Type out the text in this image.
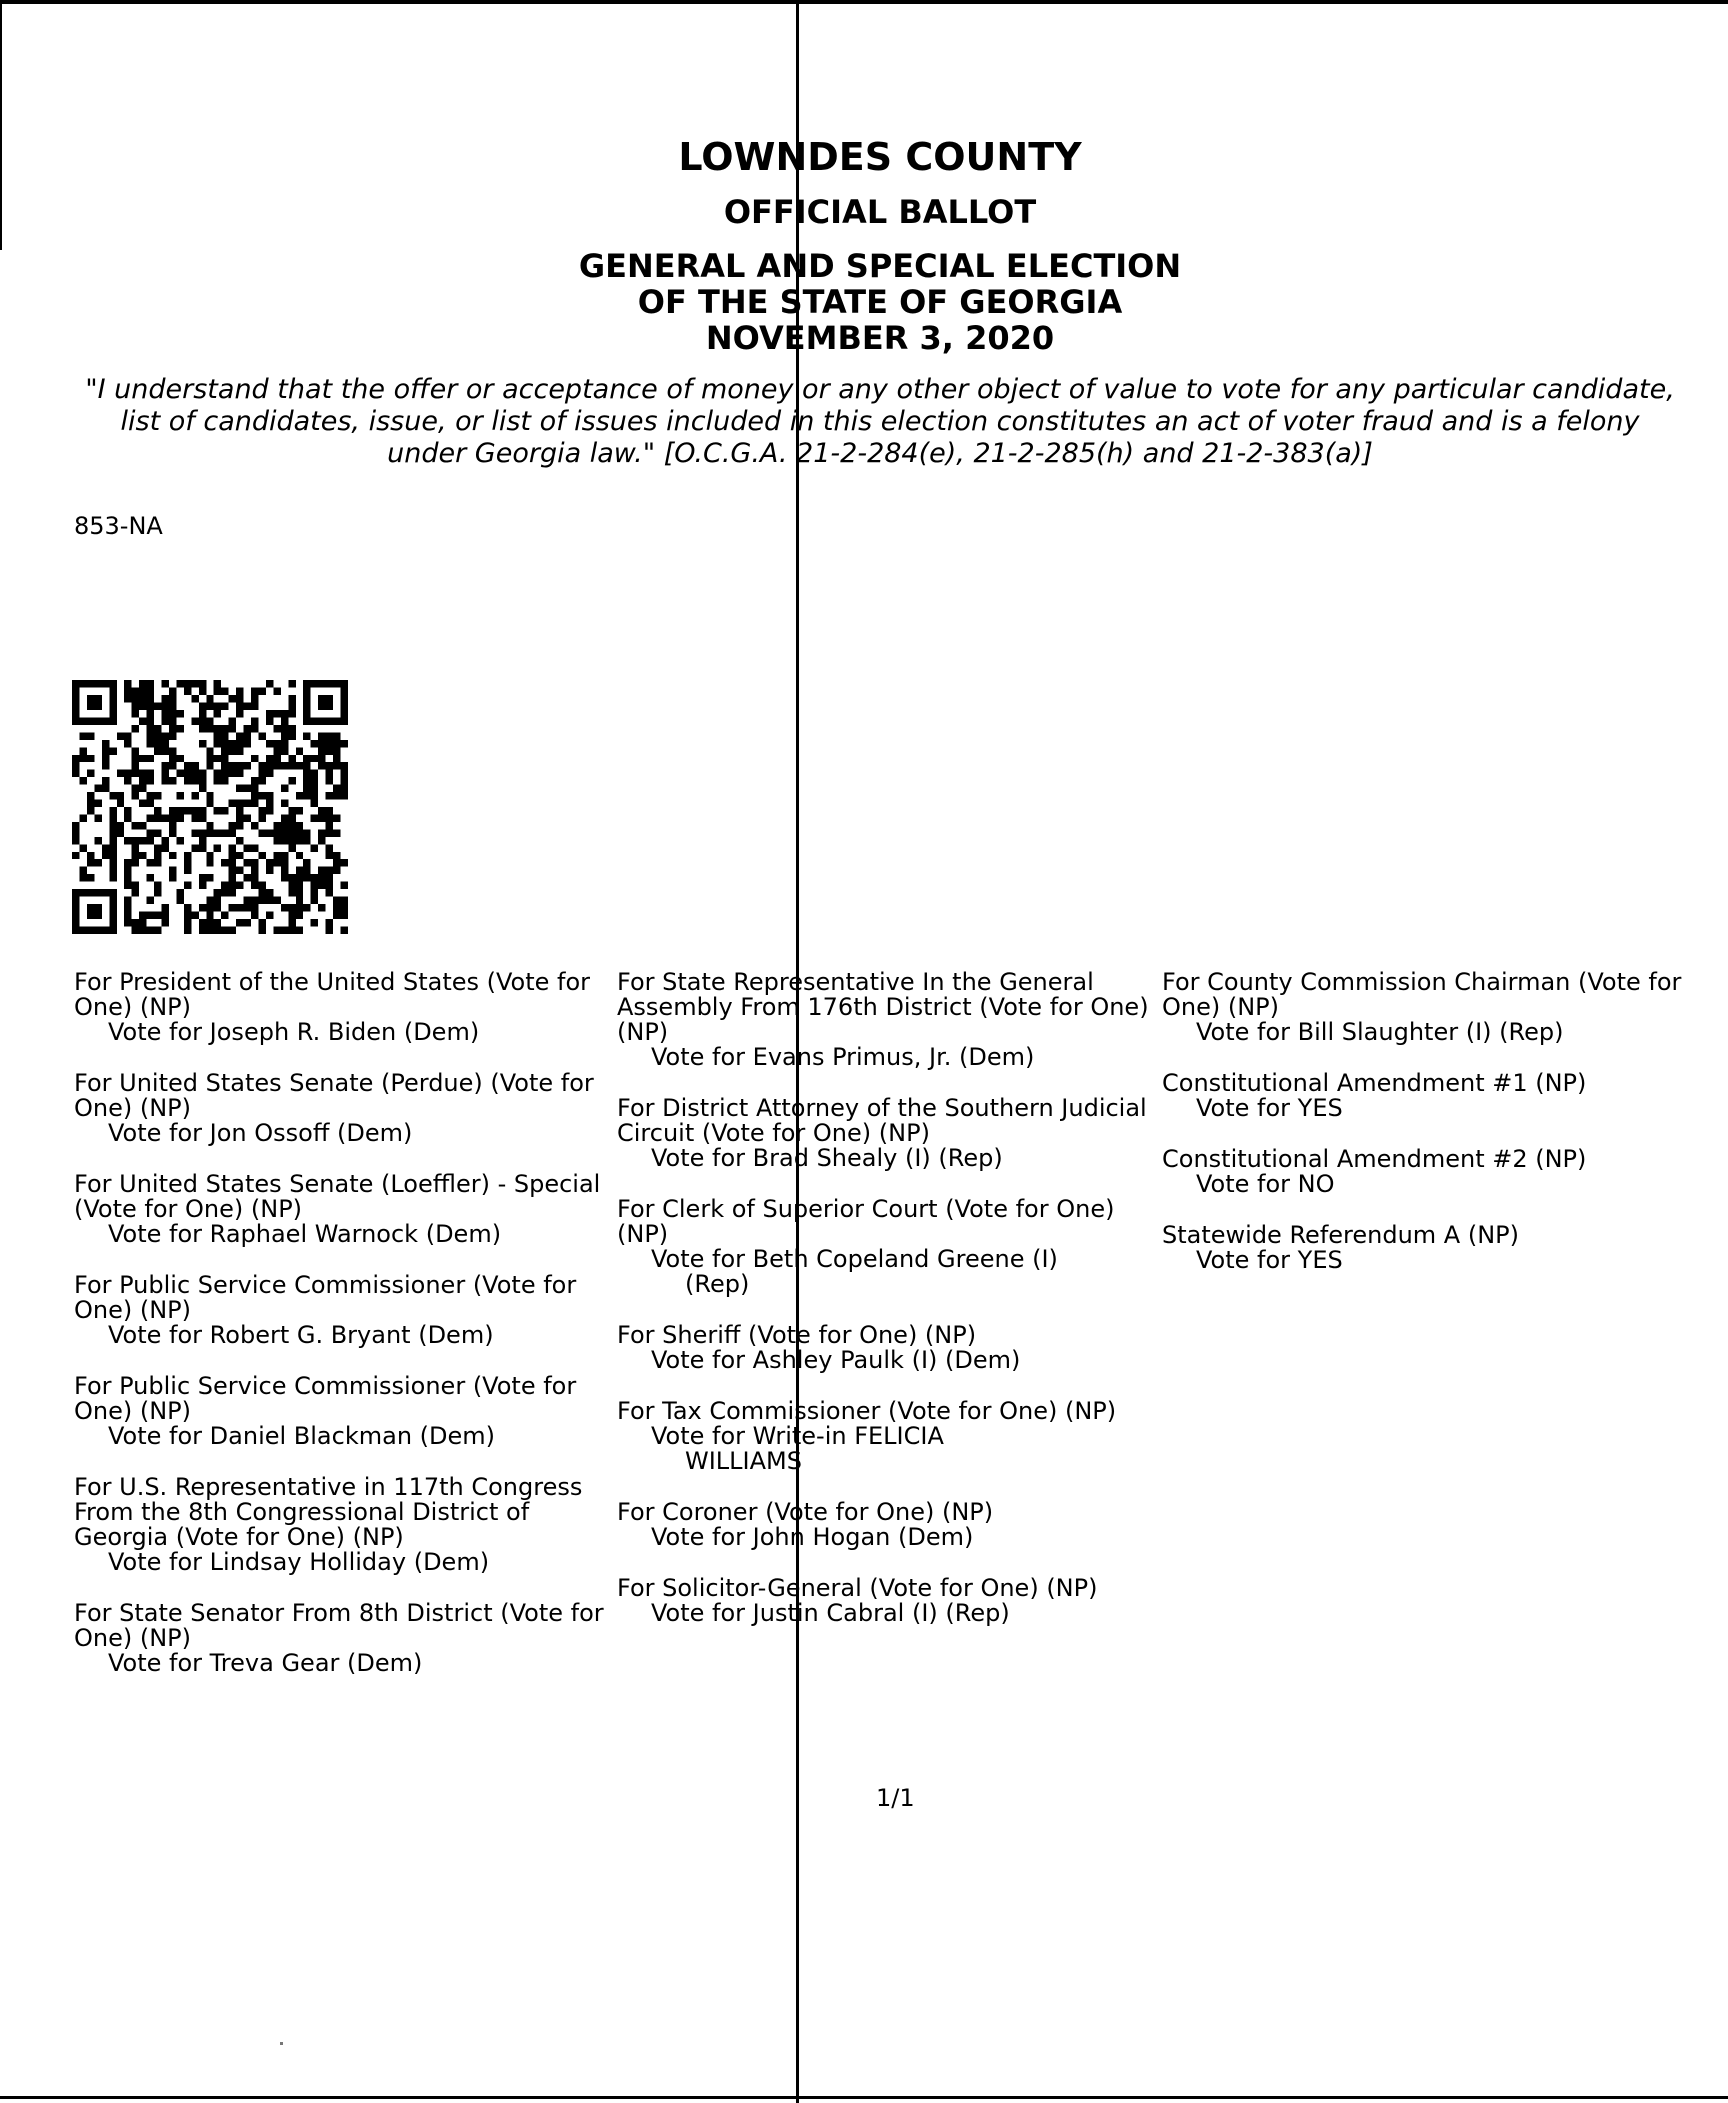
LOWNDES COUNTY
OFFICIAL BALLOT
GENERAL AND SPECIAL ELECTION
OF THE STATE OF GEORGIA
NOVEMBER 3, 2020
"I understand that the offer or acceptance of money or any other object of value to vote for any particular candidate,
list of candidates, issue, or list of issues included in this election constitutes an act of voter fraud and is a felony
under Georgia law." [O.C.G.A. 21-2-284(e), 21-2-285(h) and 21-2-383(a)]
853-NA
For President of the United States (Vote for One) (NP)
Vote for Joseph R. Biden (Dem)
For United States Senate (Perdue) (Vote for One) (NP)
Vote for Jon Ossoff (Dem)
For United States Senate (Loeffler) - Special (Vote for One) (NP)
Vote for Raphael Warnock (Dem)
For Public Service Commissioner (Vote for One) (NP)
Vote for Robert G. Bryant (Dem)
For Public Service Commissioner (Vote for One) (NP)
Vote for Daniel Blackman (Dem)
For U.S. Representative in 117th Congress From the 8th Congressional District of Georgia (Vote for One) (NP)
Vote for Lindsay Holliday (Dem)
For State Senator From 8th District (Vote for One) (NP)
Vote for Treva Gear (Dem)
For State Representative In the General Assembly From 176th District (Vote for One) (NP)
Vote for Evans Primus, Jr. (Dem)
For District Attorney of the Southern Judicial Circuit (Vote for One) (NP)
Vote for Brad Shealy (I) (Rep)
For Clerk of Superior Court (Vote for One) (NP)
Vote for Beth Copeland Greene (I)
(Rep)
For Sheriff (Vote for One) (NP)
Vote for Ashley Paulk (I) (Dem)
For Tax Commissioner (Vote for One) (NP)
Vote for Write-in FELICIA
WILLIAMS
For Coroner (Vote for One) (NP)
Vote for John Hogan (Dem)
For Solicitor-General (Vote for One) (NP)
Vote for Justin Cabral (I) (Rep)
For County Commission Chairman (Vote for One) (NP)
Vote for Bill Slaughter (I) (Rep)
Constitutional Amendment #1 (NP)
Vote for YES
Constitutional Amendment #2 (NP)
Vote for NO
Statewide Referendum A (NP)
Vote for YES
1/1
